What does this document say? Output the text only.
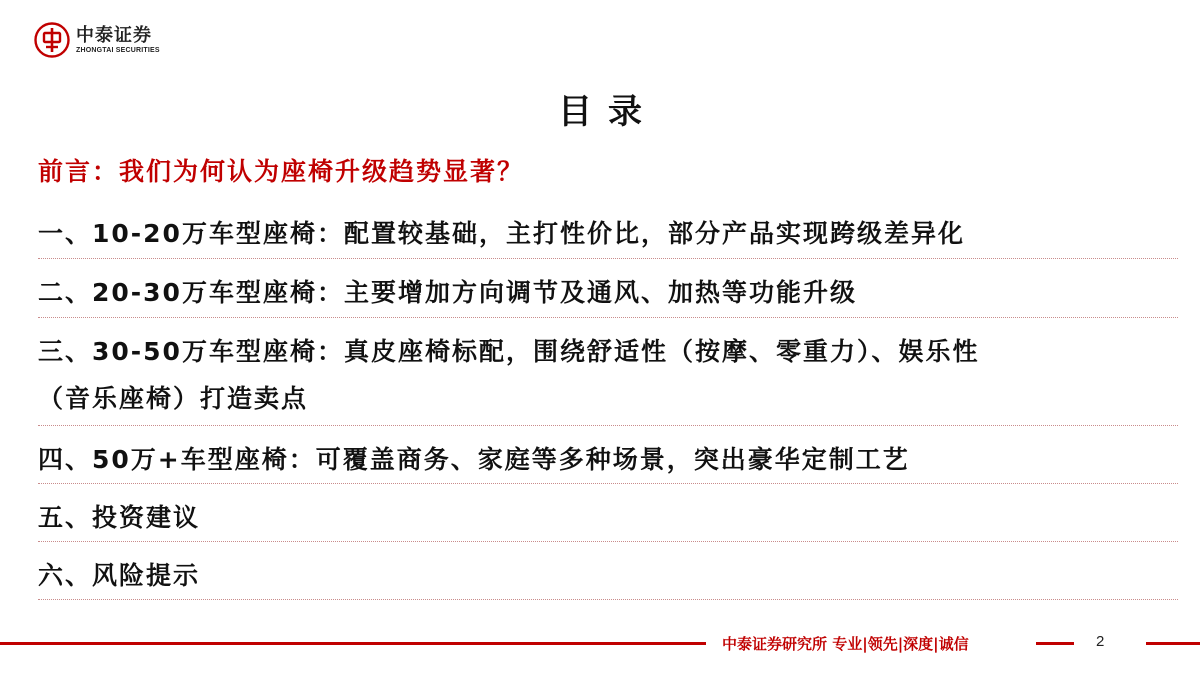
中泰证券
ZHONGTAI SECURITIES
目录
前言：我们为何认为座椅升级趋势显著？
一、10-20万车型座椅：配置较基础，主打性价比，部分产品实现跨级差异化
二、20-30万车型座椅：主要增加方向调节及通风、加热等功能升级
三、30-50万车型座椅：真皮座椅标配，围绕舒适性（按摩、零重力）、娱乐性
（音乐座椅）打造卖点
四、50万+车型座椅：可覆盖商务、家庭等多种场景，突出豪华定制工艺
五、投资建议
六、风险提示
中泰证券研究所 专业|领先|深度|诚信	2
